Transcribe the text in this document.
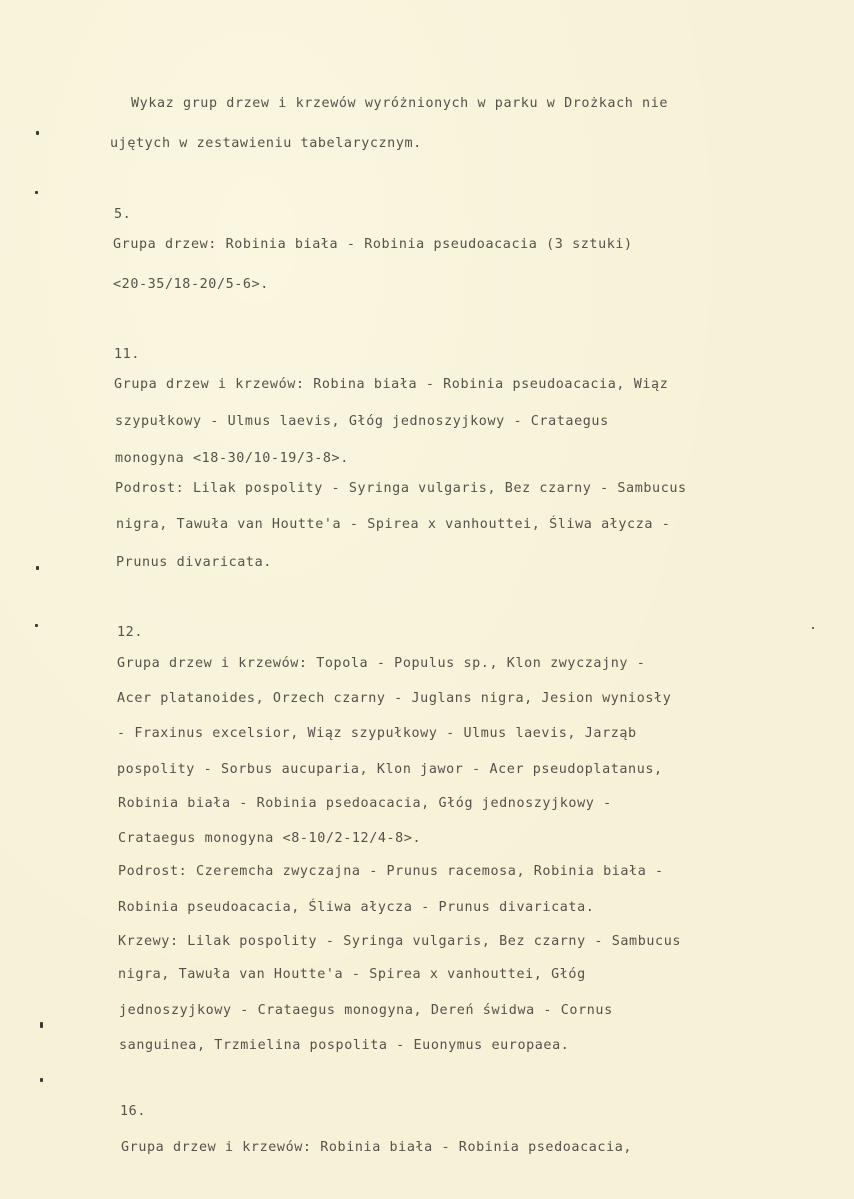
Wykaz grup drzew i krzewów wyróżnionych w parku w Drożkach nie
ujętych w zestawieniu tabelarycznym.
5.
Grupa drzew: Robinia biała - Robinia pseudoacacia (3 sztuki)
<20-35/18-20/5-6>.
11.
Grupa drzew i krzewów: Robina biała - Robinia pseudoacacia, Wiąz
szypułkowy - Ulmus laevis, Głóg jednoszyjkowy - Crataegus
monogyna <18-30/10-19/3-8>.
Podrost: Lilak pospolity - Syringa vulgaris, Bez czarny - Sambucus
nigra, Tawuła van Houtte'a - Spirea x vanhouttei, Śliwa ałycza -
Prunus divaricata.
12.
Grupa drzew i krzewów: Topola - Populus sp., Klon zwyczajny -
Acer platanoides, Orzech czarny - Juglans nigra, Jesion wyniosły
- Fraxinus excelsior, Wiąz szypułkowy - Ulmus laevis, Jarząb
pospolity - Sorbus aucuparia, Klon jawor - Acer pseudoplatanus,
Robinia biała - Robinia psedoacacia, Głóg jednoszyjkowy -
Crataegus monogyna <8-10/2-12/4-8>.
Podrost: Czeremcha zwyczajna - Prunus racemosa, Robinia biała -
Robinia pseudoacacia, Śliwa ałycza - Prunus divaricata.
Krzewy: Lilak pospolity - Syringa vulgaris, Bez czarny - Sambucus
nigra, Tawuła van Houtte'a - Spirea x vanhouttei, Głóg
jednoszyjkowy - Crataegus monogyna, Dereń świdwa - Cornus
sanguinea, Trzmielina pospolita - Euonymus europaea.
16.
Grupa drzew i krzewów: Robinia biała - Robinia psedoacacia,
